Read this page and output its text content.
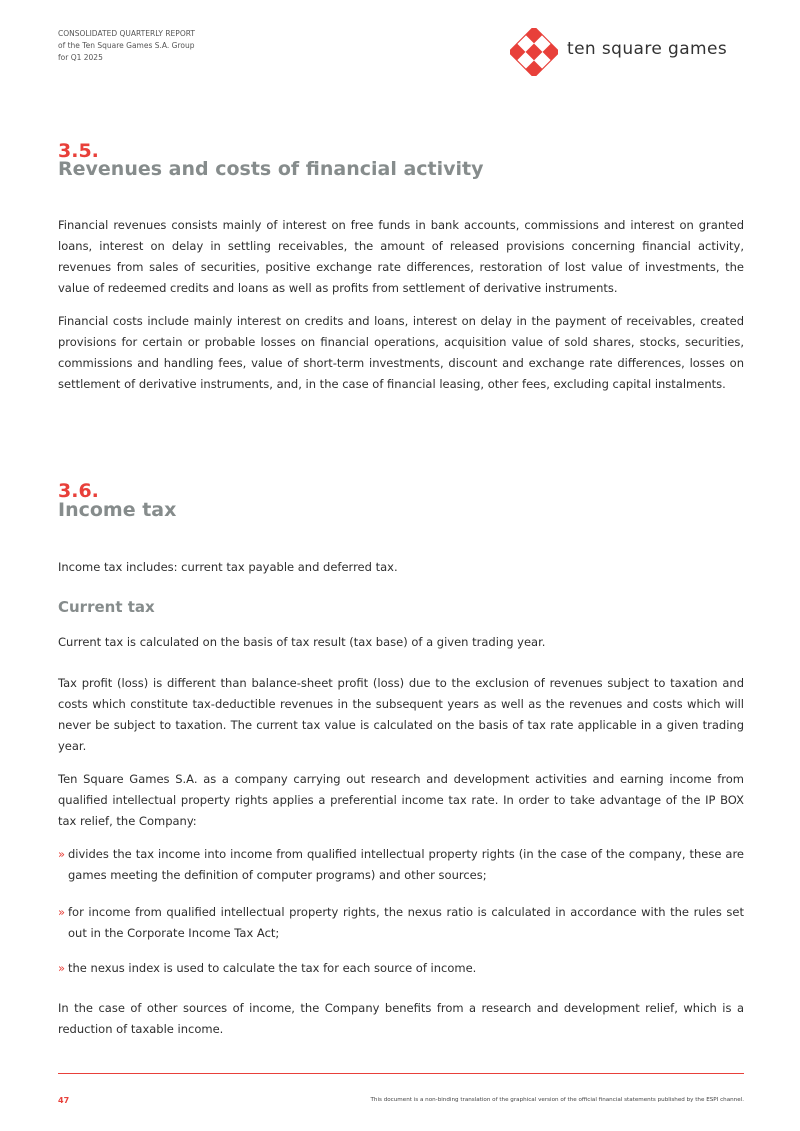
CONSOLIDATED QUARTERLY REPORT
of the Ten Square Games S.A. Group
for Q1 2025	ten square games
3.5.
Revenues and costs of financial activity
Financial revenues consists mainly of interest on free funds in bank accounts, commissions and interest on granted loans, interest on delay in settling receivables, the amount of released provisions concerning financial activity, revenues from sales of securities, positive exchange rate differences, restoration of lost value of investments, the value of redeemed credits and loans as well as profits from settlement of derivative instruments.
Financial costs include mainly interest on credits and loans, interest on delay in the payment of receivables, created provisions for certain or probable losses on financial operations, acquisition value of sold shares, stocks, securities, commissions and handling fees, value of short-term investments, discount and exchange rate differences, losses on settlement of derivative instruments, and, in the case of financial leasing, other fees, excluding capital instalments.
3.6.
Income tax
Income tax includes: current tax payable and deferred tax.
Current tax
Current tax is calculated on the basis of tax result (tax base) of a given trading year.
Tax profit (loss) is different than balance-sheet profit (loss) due to the exclusion of revenues subject to taxation and costs which constitute tax-deductible revenues in the subsequent years as well as the revenues and costs which will never be subject to taxation. The current tax value is calculated on the basis of tax rate applicable in a given trading year.
Ten Square Games S.A. as a company carrying out research and development activities and earning income from qualified intellectual property rights applies a preferential income tax rate. In order to take advantage of the IP BOX tax relief, the Company:
» divides the tax income into income from qualified intellectual property rights (in the case of the company, these are games meeting the definition of computer programs) and other sources;
» for income from qualified intellectual property rights, the nexus ratio is calculated in accordance with the rules set out in the Corporate Income Tax Act;
» the nexus index is used to calculate the tax for each source of income.
In the case of other sources of income, the Company benefits from a research and development relief, which is a reduction of taxable income.
47	This document is a non-binding translation of the graphical version of the official financial statements published by the ESPI channel.
